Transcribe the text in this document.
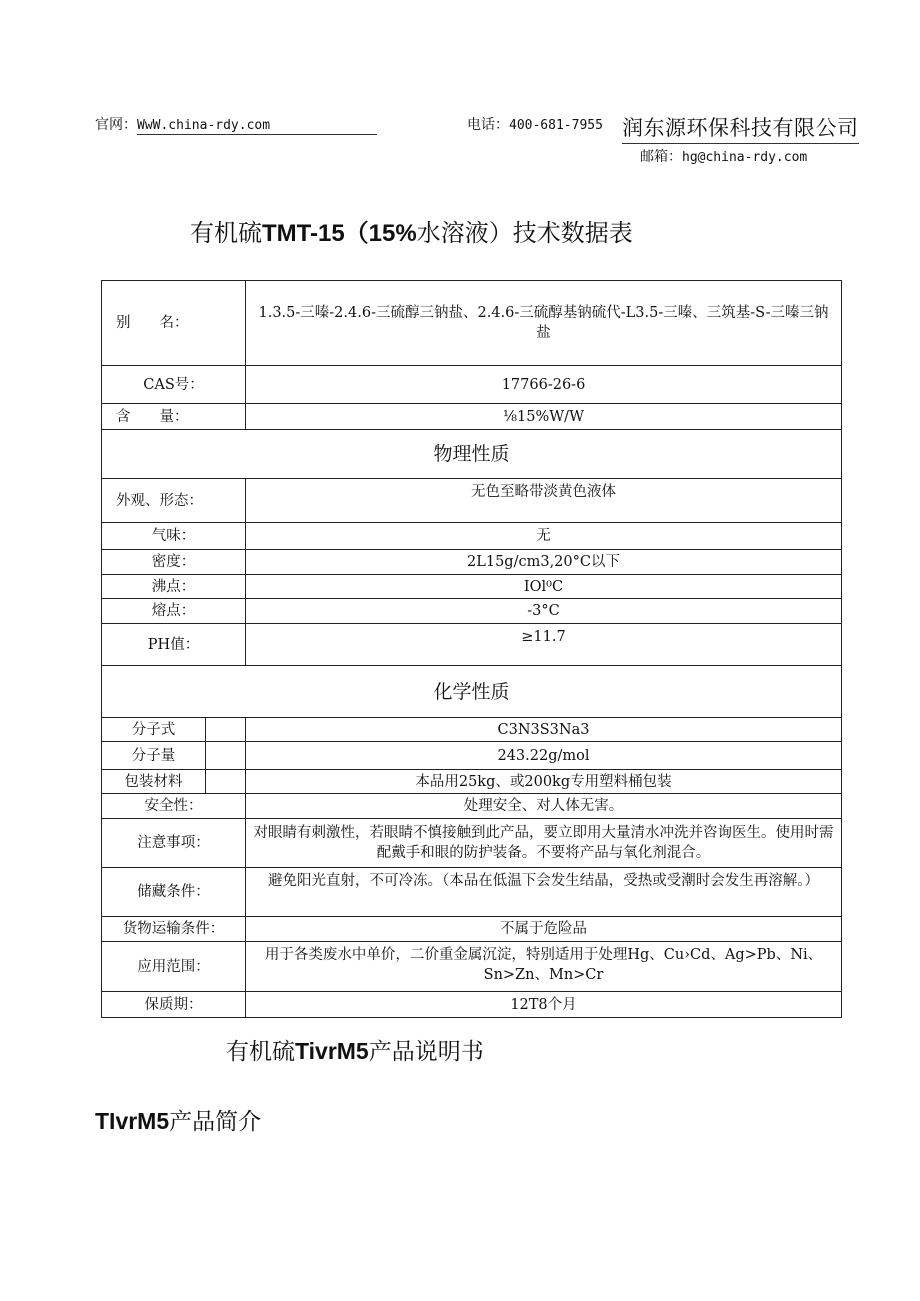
官网：WwW.china-rdy.com	电话：400-681-7955 润东源环保科技有限公司
邮箱：hg@china-rdy.com
有机硫TMT-15（15%水溶液）技术数据表
别　　名：		1.3.5-三嗪-2.4.6-三硫醇三钠盐、2.4.6-三硫醇基钠硫代-L3.5-三嗪、三筑基-S-三嗪三钠盐
CAS号：		17766-26-6
含　　量：		⅛15%W/W
物理性质		
外观、形态：		无色至略带淡黄色液体
气味：		无
密度：		2L15g/cm3,20°C以下
沸点：		IOl⁰C
熔点：		-3°C
PH值：		≥11.7
化学性质		
分子式		C3N3S3Na3
分子量		243.22g/mol
包装材料		本品用25kg、或200kg专用塑料桶包装
安全性：		处理安全、对人体无害。
注意事项：		对眼睛有刺激性，若眼睛不慎接触到此产品，要立即用大量清水冲洗并咨询医生。使用时需配戴手和眼的防护装备。不要将产品与氧化剂混合。
储藏条件：		避免阳光直射，不可冷冻。（本品在低温下会发生结晶，受热或受潮时会发生再溶解。）
货物运输条件：		不属于危险品
应用范围：		用于各类废水中单价，二价重金属沉淀，特别适用于处理Hg、Cu›Cd、Ag>Pb、Ni、Sn>Zn、Mn>Cr
保质期：		12T8个月
有机硫TivrM5产品说明书
TIvrM5产品简介
